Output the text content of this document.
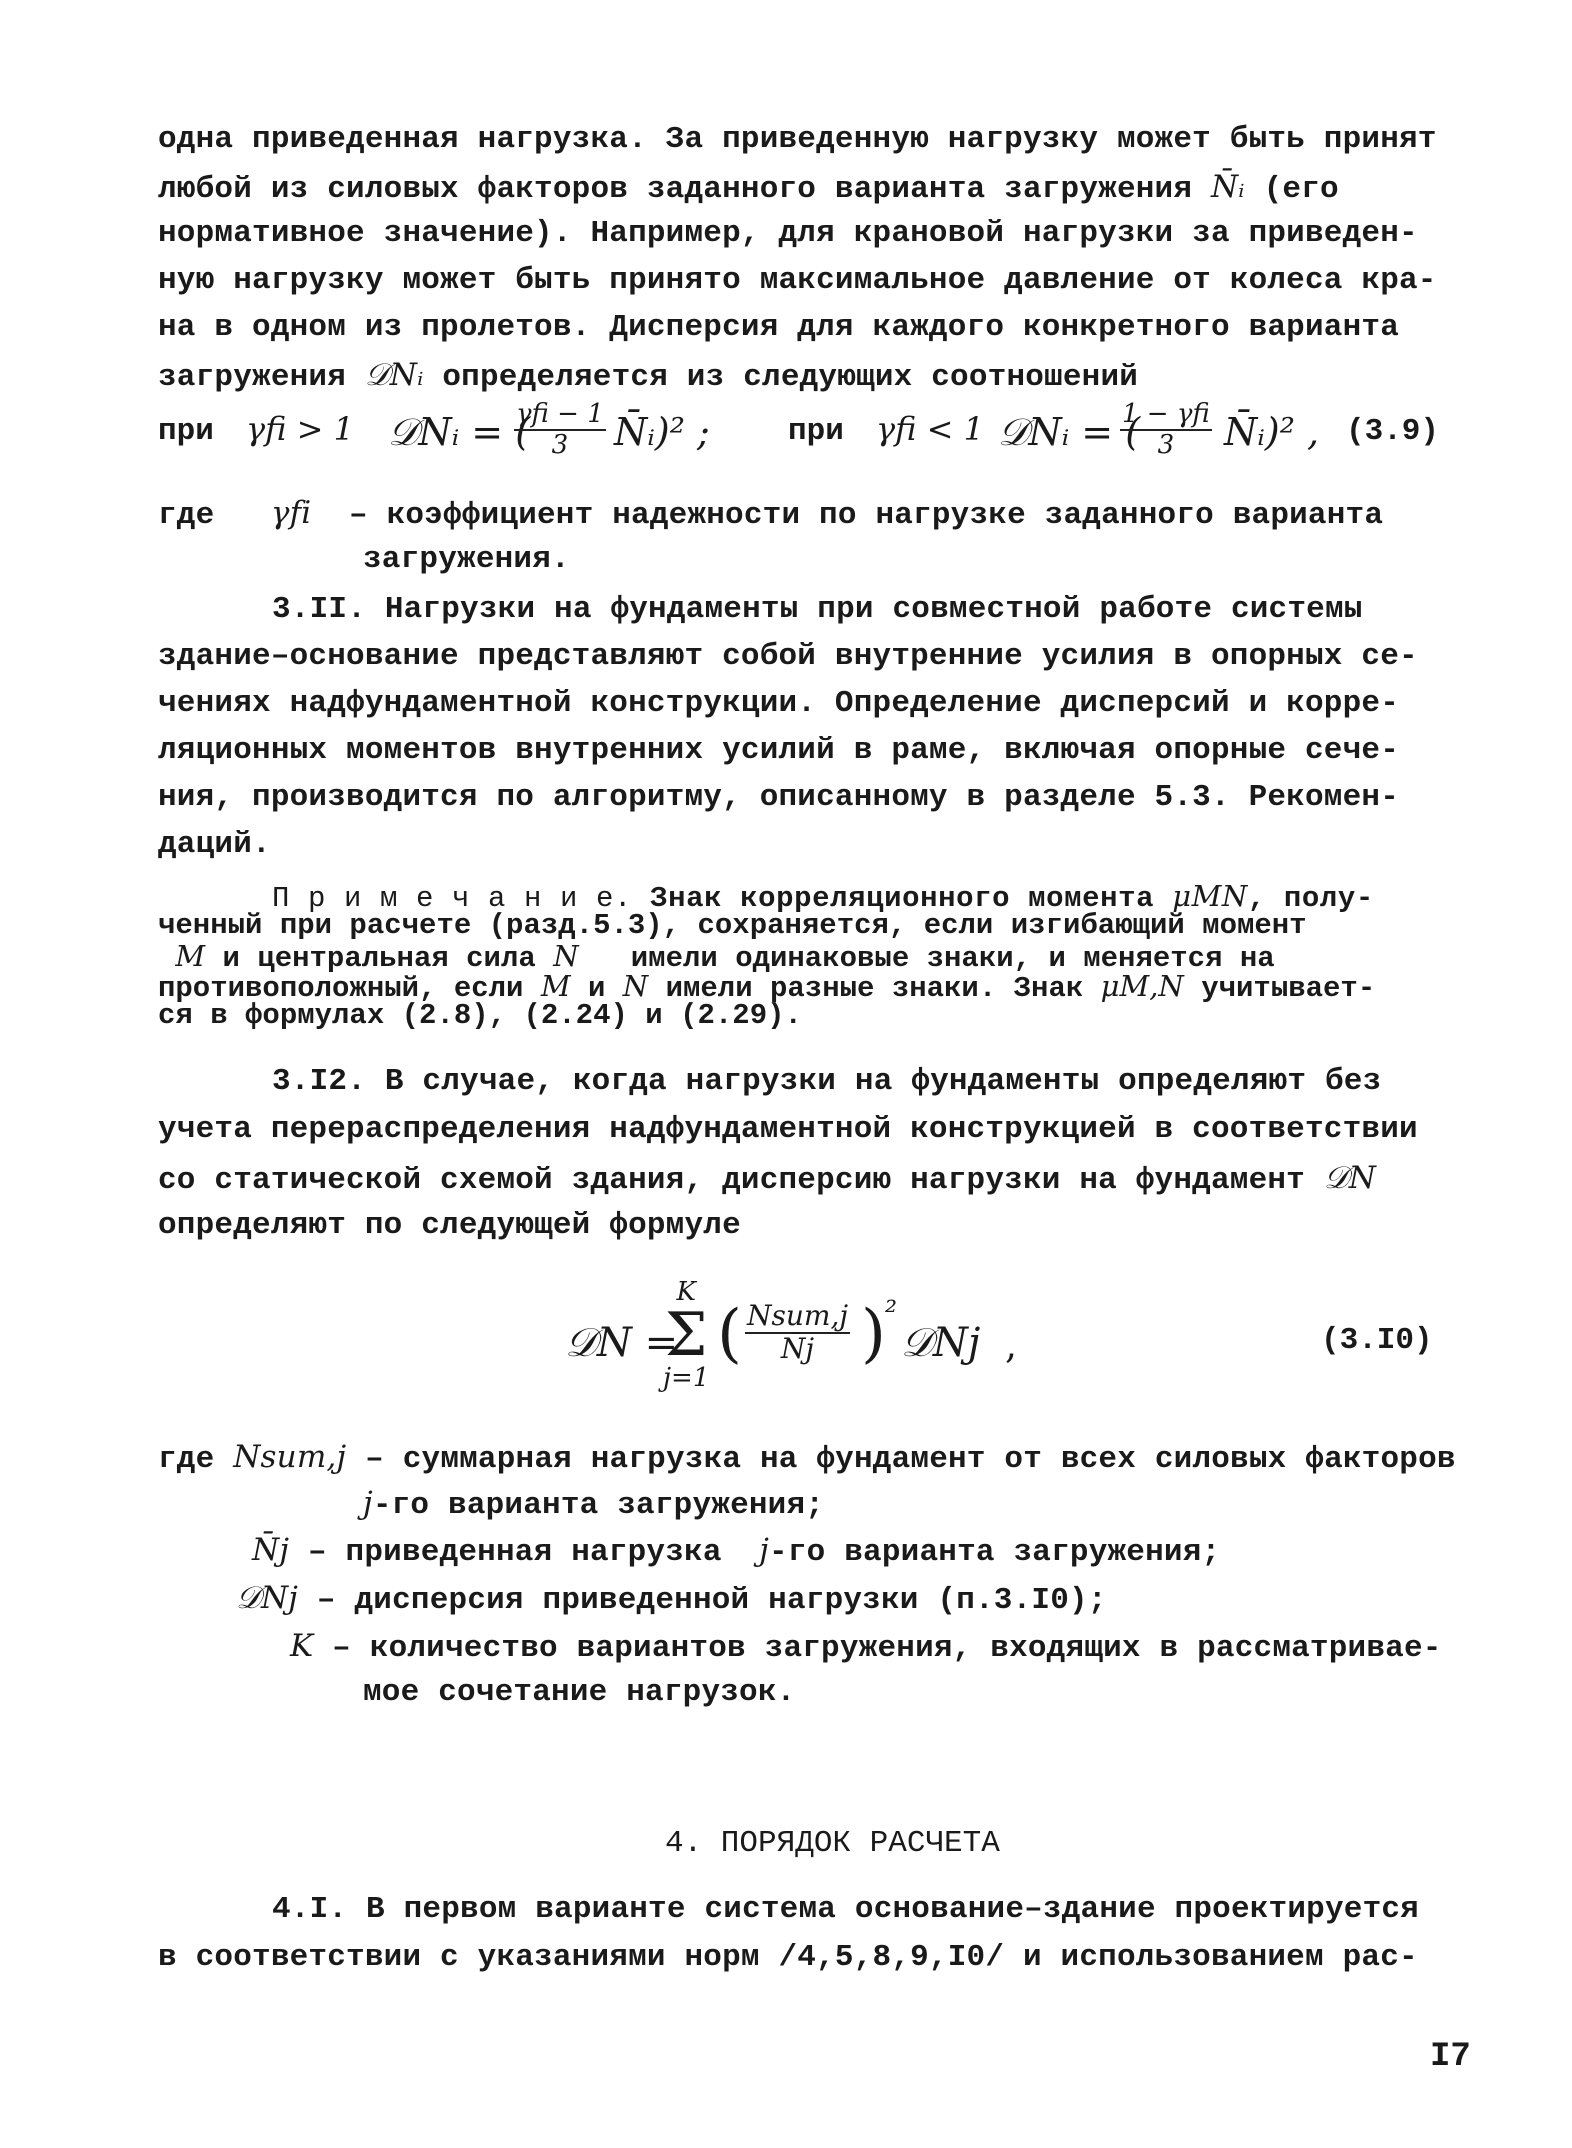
одна приведенная нагрузка. За приведенную нагрузку может быть принят
любой из силовых факторов заданного варианта загружения N̄ᵢ (его
нормативное значение). Например, для крановой нагрузки за приведен-
ную нагрузку может быть принято максимальное давление от колеса кра-
на в одном из пролетов. Дисперсия для каждого конкретного варианта
загружения 𝒟Nᵢ определяется из следующих соотношений
при γfi > 1 𝒟Nᵢ = (
γfi − 1
3	N̄ᵢ)² ;	при γfi < 1 𝒟Nᵢ = (
1 − γfi
3	N̄ᵢ)² , (3.9)
где γfi – коэффициент надежности по нагрузке заданного варианта
загружения.
3.II. Нагрузки на фундаменты при совместной работе системы
здание–основание представляют собой внутренние усилия в опорных се-
чениях надфундаментной конструкции. Определение дисперсий и корре-
ляционных моментов внутренних усилий в раме, включая опорные сече-
ния, производится по алгоритму, описанному в разделе 5.3. Рекомен-
даций.
П р и м е ч а н и е. Знак корреляционного момента μMN, полу-
ченный при расчете (разд.5.3), сохраняется, если изгибающий момент
M и центральная сила N имели одинаковые знаки, и меняется на
противоположный, если M и N имели разные знаки. Знак μM,N учитывает-
ся в формулах (2.8), (2.24) и (2.29).
3.I2. В случае, когда нагрузки на фундаменты определяют без
учета перераспределения надфундаментной конструкцией в соответствии
со статической схемой здания, дисперсию нагрузки на фундамент 𝒟N
определяют по следующей формуле
𝒟N =
K
Σ
j=1
( Nsum,j
N̄j ) ²
𝒟Nj ,	(3.I0)
где Nsum,j – суммарная нагрузка на фундамент от всех силовых факторов
j-го варианта загружения;
N̄j – приведенная нагрузка j-го варианта загружения;
𝒟Nj – дисперсия приведенной нагрузки (п.3.I0);
K – количество вариантов загружения, входящих в рассматривае-
мое сочетание нагрузок.
4. ПОРЯДОК РАСЧЕТА
4.I. В первом варианте система основание–здание проектируется
в соответствии с указаниями норм /4,5,8,9,I0/ и использованием рас-
I7
